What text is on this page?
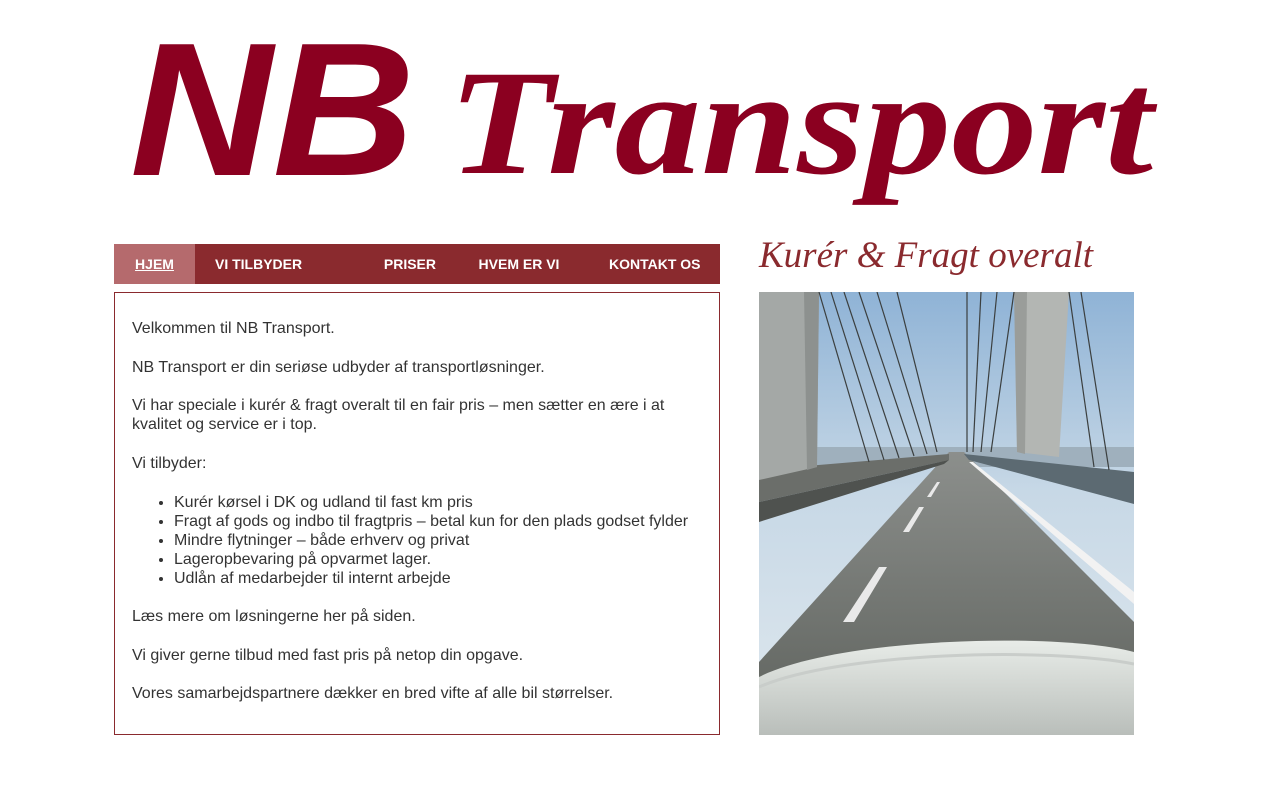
NB Transport
HJEM	VI TILBYDER	PRISER	HVEM ER VI	KONTAKT OS

Velkommen til NB Transport.

NB Transport er din seriøse udbyder af transportløsninger.

Vi har speciale i kurér & fragt overalt til en fair pris – men sætter en ære i at kvalitet og service er i top.

Vi tilbyder:

• Kurér kørsel i DK og udland til fast km pris
• Fragt af gods og indbo til fragtpris – betal kun for den plads godset fylder
• Mindre flytninger – både erhverv og privat
• Lageropbevaring på opvarmet lager.
• Udlån af medarbejder til internt arbejde

Læs mere om løsningerne her på siden.

Vi giver gerne tilbud med fast pris på netop din opgave.

Vores samarbejdspartnere dækker en bred vifte af alle bil størrelser.

Kurér & Fragt overalt
